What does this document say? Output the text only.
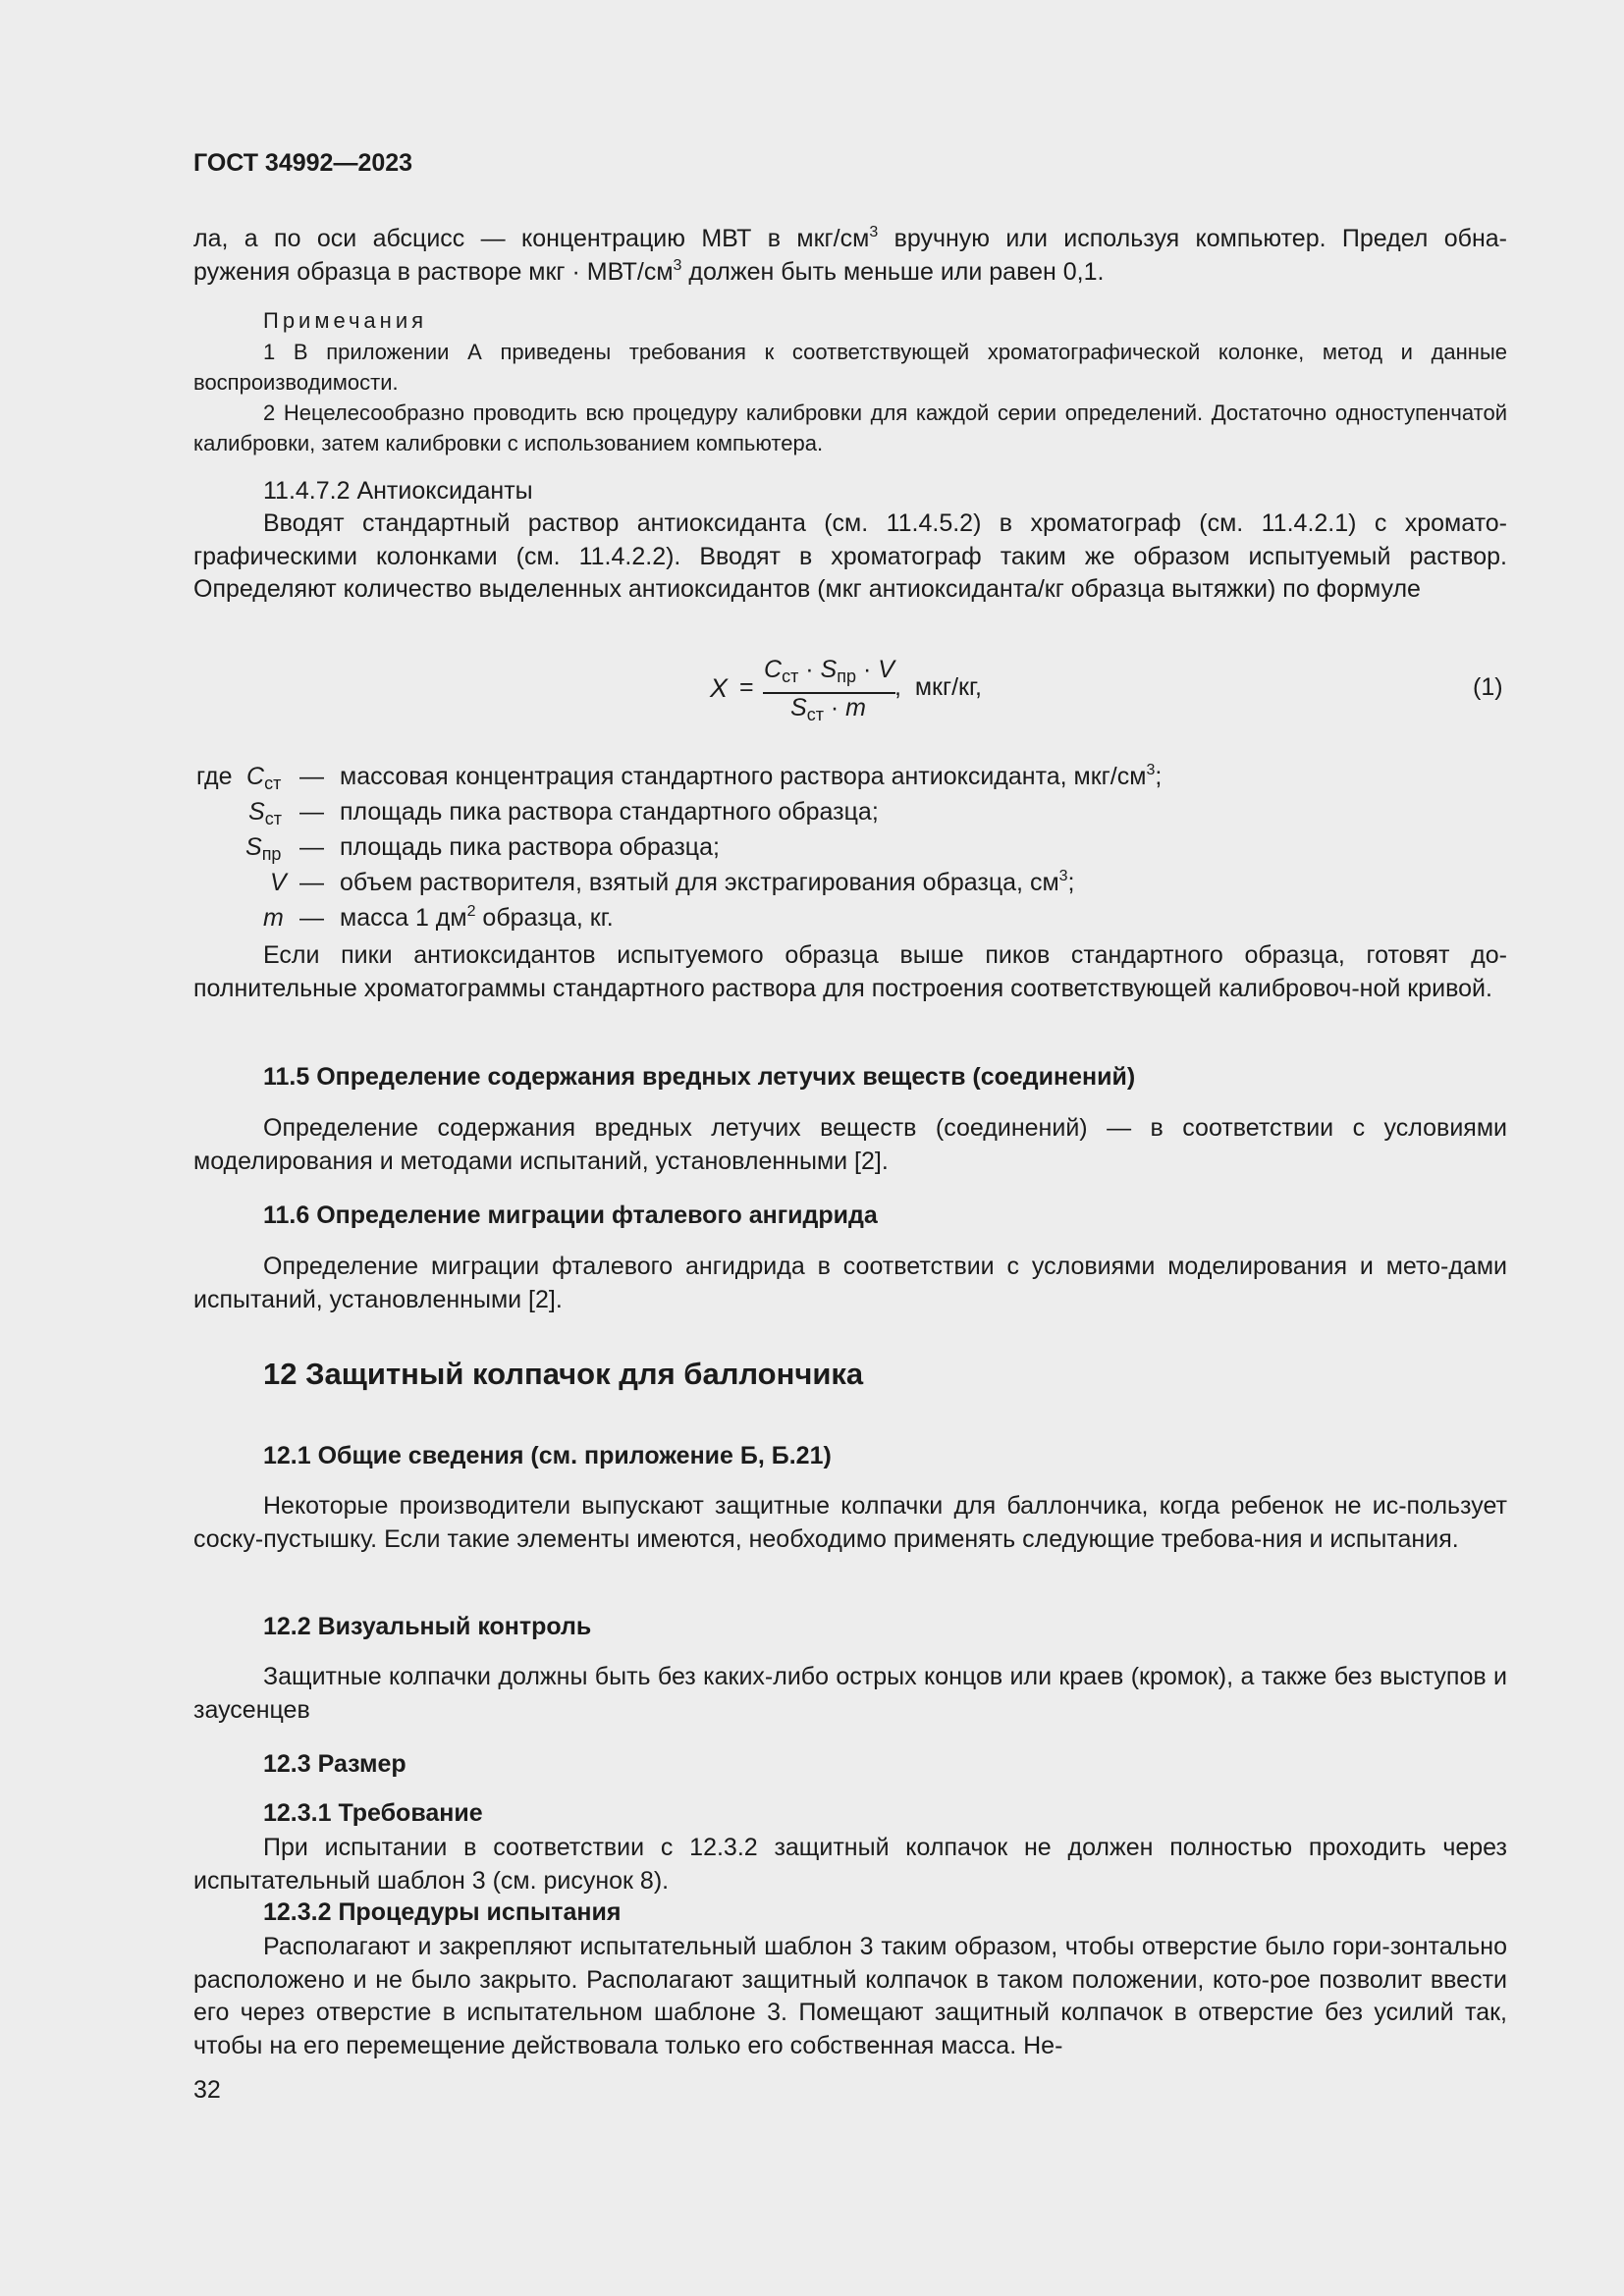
ГОСТ 34992—2023
ла, а по оси абсцисс — концентрацию МВТ в мкг/$см^3$ вручную или используя компьютер. Предел обна-
ружения образца в растворе мкг · МВТ/$см^3$ должен быть меньше или равен 0,1.
Примечания
1 В приложении А приведены требования к соответствующей хроматографической колонке, метод и данные воспроизводимости.
2 Нецелесообразно проводить всю процедуру калибровки для каждой серии определений. Достаточно одноступенчатой калибровки, затем калибровки с использованием компьютера.
11.4.7.2 Антиоксиданты
Вводят стандартный раствор антиоксиданта (см. 11.4.5.2) в хроматограф (см. 11.4.2.1) с хромато-графическими колонками (см. 11.4.2.2). Вводят в хроматограф таким же образом испытуемый раствор. Определяют количество выделенных антиоксидантов (мкг антиоксиданта/кг образца вытяжки) по формуле
X =
$C_{ст} \cdot S_{пр} \cdot V$
$S_{ст} \cdot m$
,  мкг/кг,	(1)
где $C_{ст}$ — массовая концентрация стандартного раствора антиоксиданта, мкг/$см^3$;
$S_{ст}$ — площадь пика раствора стандартного образца;
$S_{пр}$ — площадь пика раствора образца;
V — объем растворителя, взятый для экстрагирования образца, $см^3$;
m — масса 1 $дм^2$ образца, кг.
Если пики антиоксидантов испытуемого образца выше пиков стандартного образца, готовят до-полнительные хроматограммы стандартного раствора для построения соответствующей калибровоч-ной кривой.
11.5 Определение содержания вредных летучих веществ (соединений)
Определение содержания вредных летучих веществ (соединений) — в соответствии с условиями моделирования и методами испытаний, установленными [2].
11.6 Определение миграции фталевого ангидрида
Определение миграции фталевого ангидрида в соответствии с условиями моделирования и мето-дами испытаний, установленными [2].
12 Защитный колпачок для баллончика
12.1 Общие сведения (см. приложение Б, Б.21)
Некоторые производители выпускают защитные колпачки для баллончика, когда ребенок не ис-пользует соску-пустышку. Если такие элементы имеются, необходимо применять следующие требова-ния и испытания.
12.2 Визуальный контроль
Защитные колпачки должны быть без каких-либо острых концов или краев (кромок), а также без выступов и заусенцев
12.3 Размер
12.3.1 Требование
При испытании в соответствии с 12.3.2 защитный колпачок не должен полностью проходить через испытательный шаблон 3 (см. рисунок 8).
12.3.2 Процедуры испытания
Располагают и закрепляют испытательный шаблон 3 таким образом, чтобы отверстие было гори-зонтально расположено и не было закрыто. Располагают защитный колпачок в таком положении, кото-рое позволит ввести его через отверстие в испытательном шаблоне 3. Помещают защитный колпачок в отверстие без усилий так, чтобы на его перемещение действовала только его собственная масса. Не-
32
